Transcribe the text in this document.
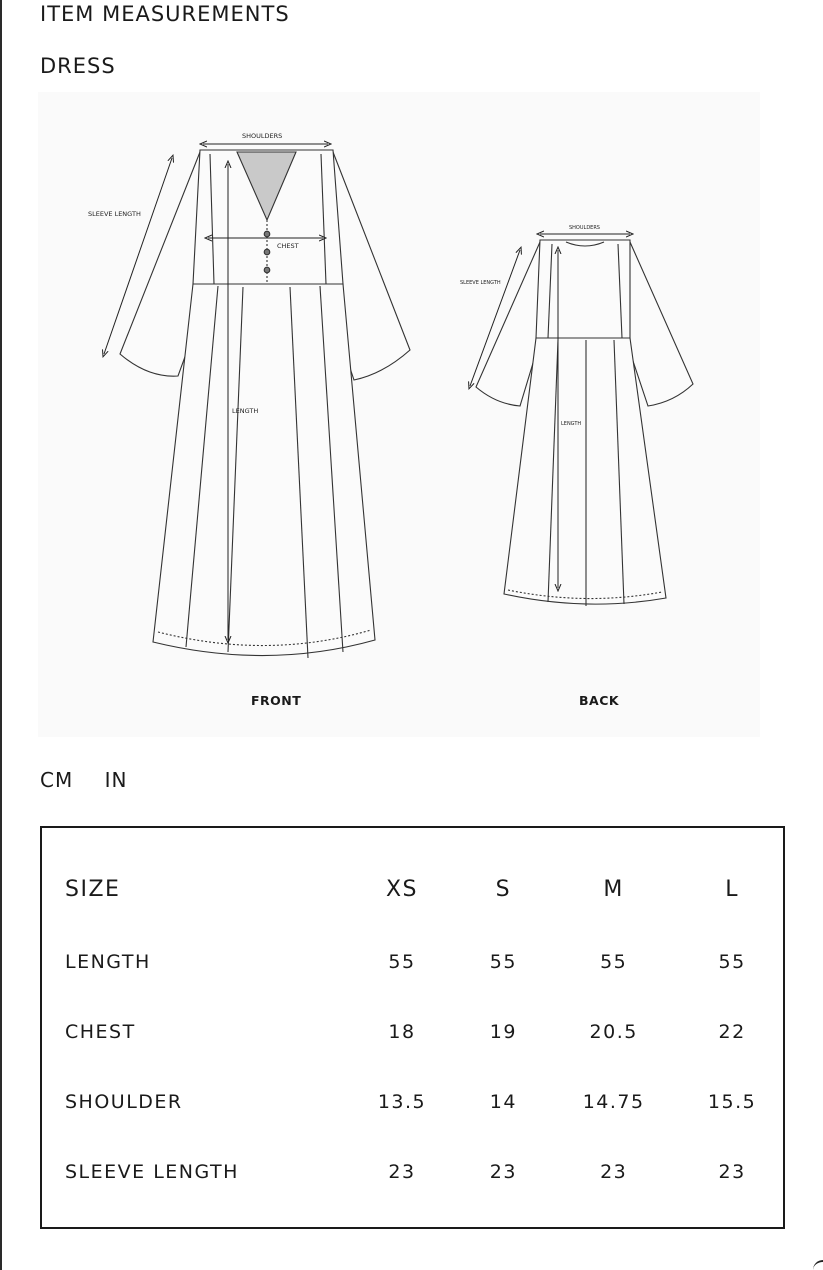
ITEM MEASUREMENTS
DRESS
SHOULDERS
CHEST
LENGTH
SLEEVE LENGTH
SHOULDERS
LENGTH
SLEEVE LENGTH
FRONT	BACK
CM IN
SIZE	XS	S	M	L
LENGTH	55	55	55	55
CHEST	18	19	20.5	22
SHOULDER	13.5	14	14.75	15.5
SLEEVE LENGTH	23	23	23	23
